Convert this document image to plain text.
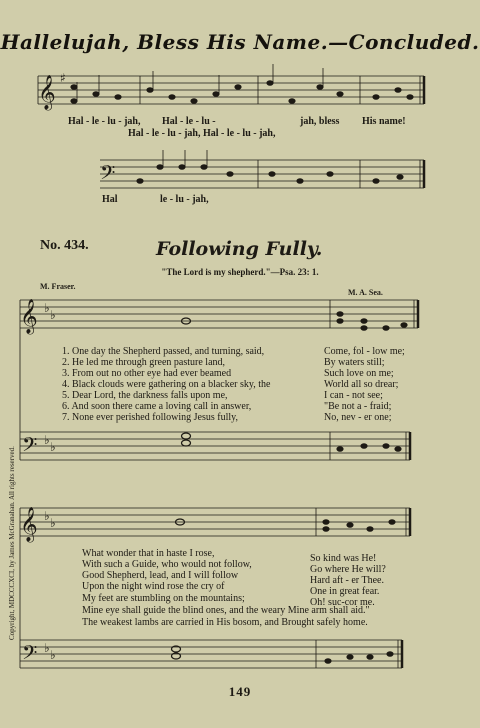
Hallelujah, Bless His Name.—Concluded.
𝄞
𝄢
𝄞
𝄢
𝄞
𝄢
♭ ♭
♭ ♭
♭ ♭
♭ ♭
♯
Hal - le - lu - jah, Hal - le - lu -	jah, bless His name!
Hal - le - lu - jah, Hal - le - lu - jah,
Hal	le - lu - jah,
No. 434.	Following Fully.
"The Lord is my shepherd."—Psa. 23: 1.
M. Fraser.
M. A. Sea.
Copyright, MDCCCXCI, by James McGranahan. All rights reserved.
1. One day the Shepherd passed, and turning, said,
2. He led me through green pasture land,
3. From out no other eye had ever beamed
4. Black clouds were gathering on a blacker sky, the
5. Dear Lord, the darkness falls upon me,
6. And soon there came a loving call in answer,
7. None ever perished following Jesus fully,
Come, fol - low me;
By waters still;
Such love on me;
World all so drear;
I can - not see;
"Be not a - fraid;
No, nev - er one;
What wonder that in haste I rose,
With such a Guide, who would not follow,
Good Shepherd, lead, and I will follow
Upon the night wind rose the cry of
My feet are stumbling on the mountains;
Mine eye shall guide the blind ones, and the weary Mine arm shall aid."
The weakest lambs are carried in His bosom, and Brought safely home.
So kind was He!
Go where He will?
Hard aft - er Thee.
One in great fear.
Oh! suc-cor me.
149
